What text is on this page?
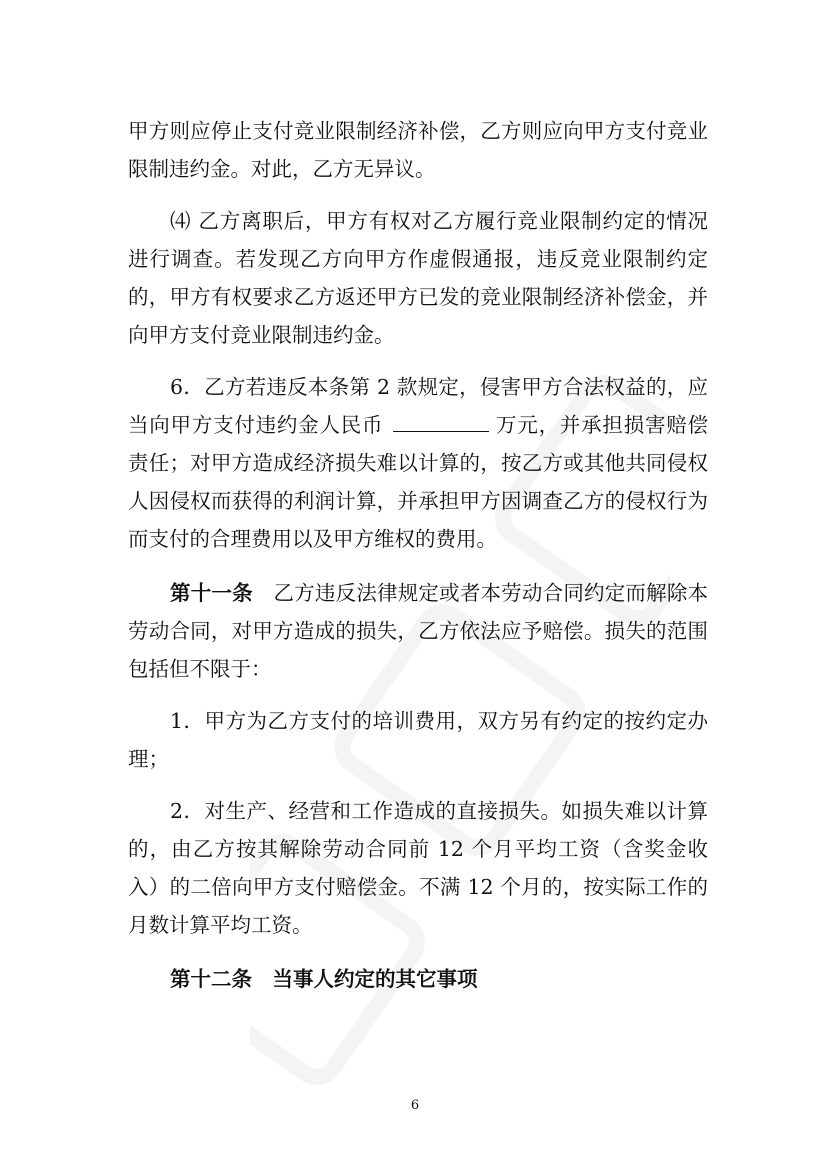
甲方则应停止支付竞业限制经济补偿，乙方则应向甲方支付竞业限制违约金。对此，乙方无异议。

⑷ 乙方离职后，甲方有权对乙方履行竞业限制约定的情况进行调查。若发现乙方向甲方作虚假通报，违反竞业限制约定的，甲方有权要求乙方返还甲方已发的竞业限制经济补偿金，并向甲方支付竞业限制违约金。

6．乙方若违反本条第 2 款规定，侵害甲方合法权益的，应当向甲方支付违约金人民币	万元，并承担损害赔偿责任；对甲方造成经济损失难以计算的，按乙方或其他共同侵权人因侵权而获得的利润计算，并承担甲方因调查乙方的侵权行为而支付的合理费用以及甲方维权的费用。

第十一条  乙方违反法律规定或者本劳动合同约定而解除本劳动合同，对甲方造成的损失，乙方依法应予赔偿。损失的范围包括但不限于：

1．甲方为乙方支付的培训费用，双方另有约定的按约定办理；

2．对生产、经营和工作造成的直接损失。如损失难以计算的，由乙方按其解除劳动合同前 12 个月平均工资（含奖金收入）的二倍向甲方支付赔偿金。不满 12 个月的，按实际工作的月数计算平均工资。

第十二条  当事人约定的其它事项

6
